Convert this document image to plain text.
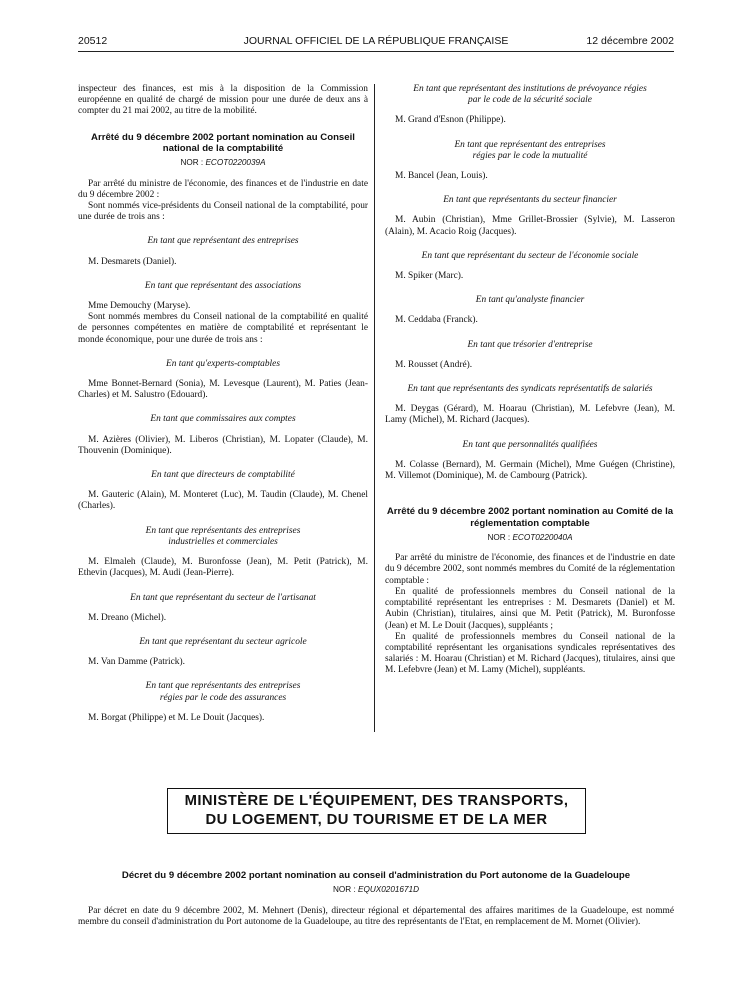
20512	JOURNAL OFFICIEL DE LA RÉPUBLIQUE FRANÇAISE	12 décembre 2002

inspecteur des finances, est mis à la disposition de la Commission européenne en qualité de chargé de mission pour une durée de deux ans à compter du 21 mai 2002, au titre de la mobilité.

Arrêté du 9 décembre 2002 portant nomination au Conseil national de la comptabilité
NOR : ECOT0220039A

Par arrêté du ministre de l'économie, des finances et de l'industrie en date du 9 décembre 2002 :

Sont nommés vice-présidents du Conseil national de la comptabilité, pour une durée de trois ans :

En tant que représentant des entreprises

M. Desmarets (Daniel).

En tant que représentant des associations

Mme Demouchy (Maryse).

Sont nommés membres du Conseil national de la comptabilité en qualité de personnes compétentes en matière de comptabilité et représentant le monde économique, pour une durée de trois ans :

En tant qu'experts-comptables

Mme Bonnet-Bernard (Sonia), M. Levesque (Laurent), M. Paties (Jean-Charles) et M. Salustro (Edouard).

En tant que commissaires aux comptes

M. Azières (Olivier), M. Liberos (Christian), M. Lopater (Claude), M. Thouvenin (Dominique).

En tant que directeurs de comptabilité

M. Gauteric (Alain), M. Monteret (Luc), M. Taudin (Claude), M. Chenel (Charles).

En tant que représentants des entreprises
industrielles et commerciales

M. Elmaleh (Claude), M. Buronfosse (Jean), M. Petit (Patrick), M. Ethevin (Jacques), M. Audi (Jean-Pierre).

En tant que représentant du secteur de l'artisanat

M. Dreano (Michel).

En tant que représentant du secteur agricole

M. Van Damme (Patrick).

En tant que représentants des entreprises
régies par le code des assurances

M. Borgat (Philippe) et M. Le Douit (Jacques).

En tant que représentant des institutions de prévoyance régies
par le code de la sécurité sociale

M. Grand d'Esnon (Philippe).

En tant que représentant des entreprises
régies par le code la mutualité

M. Bancel (Jean, Louis).

En tant que représentants du secteur financier

M. Aubin (Christian), Mme Grillet-Brossier (Sylvie), M. Lasseron (Alain), M. Acacio Roig (Jacques).

En tant que représentant du secteur de l'économie sociale

M. Spiker (Marc).

En tant qu'analyste financier

M. Ceddaba (Franck).

En tant que trésorier d'entreprise

M. Rousset (André).

En tant que représentants des syndicats représentatifs de salariés

M. Deygas (Gérard), M. Hoarau (Christian), M. Lefebvre (Jean), M. Lamy (Michel), M. Richard (Jacques).

En tant que personnalités qualifiées

M. Colasse (Bernard), M. Germain (Michel), Mme Guégen (Christine), M. Villemot (Dominique), M. de Cambourg (Patrick).

Arrêté du 9 décembre 2002 portant nomination au Comité de la réglementation comptable
NOR : ECOT0220040A

Par arrêté du ministre de l'économie, des finances et de l'industrie en date du 9 décembre 2002, sont nommés membres du Comité de la réglementation comptable :

En qualité de professionnels membres du Conseil national de la comptabilité représentant les entreprises : M. Desmarets (Daniel) et M. Aubin (Christian), titulaires, ainsi que M. Petit (Patrick), M. Buronfosse (Jean) et M. Le Douit (Jacques), suppléants ;

En qualité de professionnels membres du Conseil national de la comptabilité représentant les organisations syndicales représentatives des salariés : M. Hoarau (Christian) et M. Richard (Jacques), titulaires, ainsi que M. Lefebvre (Jean) et M. Lamy (Michel), suppléants.

MINISTÈRE DE L'ÉQUIPEMENT, DES TRANSPORTS,
DU LOGEMENT, DU TOURISME ET DE LA MER
Décret du 9 décembre 2002 portant nomination au conseil d'administration du Port autonome de la Guadeloupe
NOR : EQUX0201671D

Par décret en date du 9 décembre 2002, M. Mehnert (Denis), directeur régional et départemental des affaires maritimes de la Guadeloupe, est nommé membre du conseil d'administration du Port autonome de la Guadeloupe, au titre des représentants de l'Etat, en remplacement de M. Mornet (Olivier).
